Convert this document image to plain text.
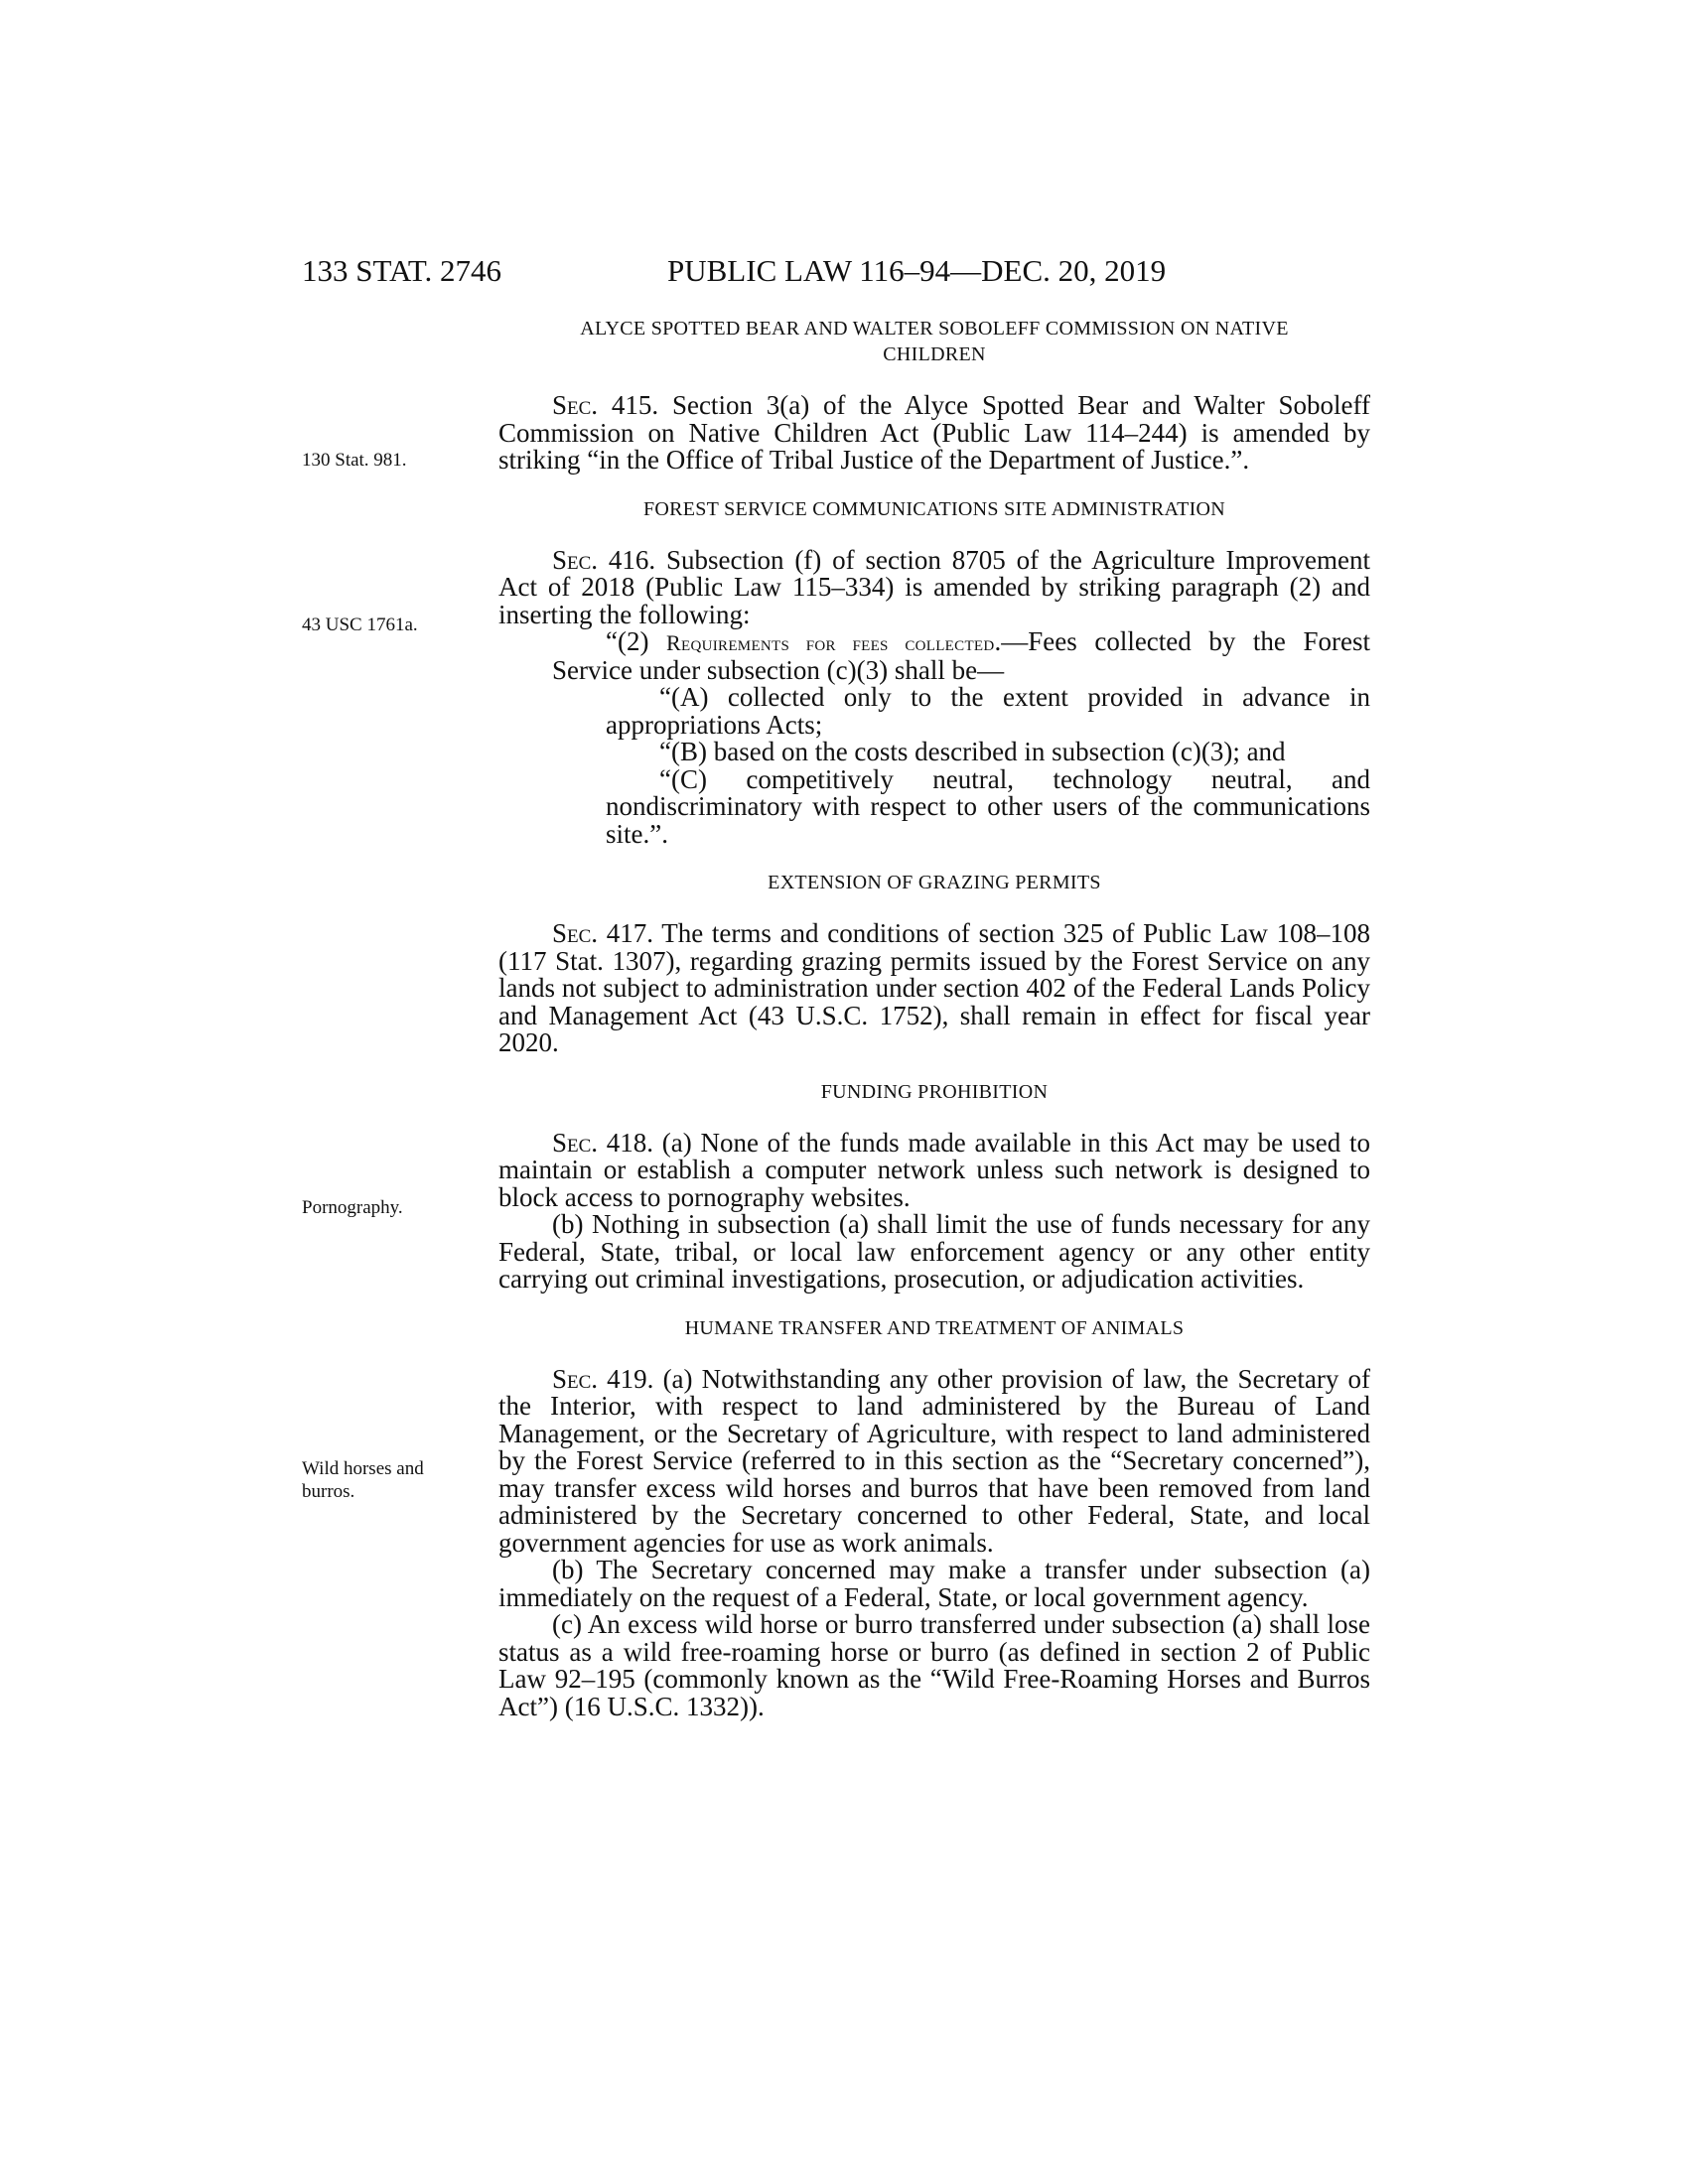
133 STAT. 2746	PUBLIC LAW 116–94—DEC. 20, 2019
130 Stat. 981.
43 USC 1761a.
Pornography.
Wild horses and burros.
ALYCE SPOTTED BEAR AND WALTER SOBOLEFF COMMISSION ON NATIVE CHILDREN

Sec. 415. Section 3(a) of the Alyce Spotted Bear and Walter Soboleff Commission on Native Children Act (Public Law 114–244) is amended by striking “in the Office of Tribal Justice of the Department of Justice.”.

FOREST SERVICE COMMUNICATIONS SITE ADMINISTRATION

Sec. 416. Subsection (f) of section 8705 of the Agriculture Improvement Act of 2018 (Public Law 115–334) is amended by striking paragraph (2) and inserting the following:

“(2) Requirements for fees collected.—Fees collected by the Forest Service under subsection (c)(3) shall be—

“(A) collected only to the extent provided in advance in appropriations Acts;

“(B) based on the costs described in subsection (c)(3); and

“(C) competitively neutral, technology neutral, and nondiscriminatory with respect to other users of the communications site.”.

EXTENSION OF GRAZING PERMITS

Sec. 417. The terms and conditions of section 325 of Public Law 108–108 (117 Stat. 1307), regarding grazing permits issued by the Forest Service on any lands not subject to administration under section 402 of the Federal Lands Policy and Management Act (43 U.S.C. 1752), shall remain in effect for fiscal year 2020.

FUNDING PROHIBITION

Sec. 418. (a) None of the funds made available in this Act may be used to maintain or establish a computer network unless such network is designed to block access to pornography websites.

(b) Nothing in subsection (a) shall limit the use of funds necessary for any Federal, State, tribal, or local law enforcement agency or any other entity carrying out criminal investigations, prosecution, or adjudication activities.

HUMANE TRANSFER AND TREATMENT OF ANIMALS

Sec. 419. (a) Notwithstanding any other provision of law, the Secretary of the Interior, with respect to land administered by the Bureau of Land Management, or the Secretary of Agriculture, with respect to land administered by the Forest Service (referred to in this section as the “Secretary concerned”), may transfer excess wild horses and burros that have been removed from land administered by the Secretary concerned to other Federal, State, and local government agencies for use as work animals.

(b) The Secretary concerned may make a transfer under subsection (a) immediately on the request of a Federal, State, or local government agency.

(c) An excess wild horse or burro transferred under subsection (a) shall lose status as a wild free-roaming horse or burro (as defined in section 2 of Public Law 92–195 (commonly known as the “Wild Free-Roaming Horses and Burros Act”) (16 U.S.C. 1332)).
